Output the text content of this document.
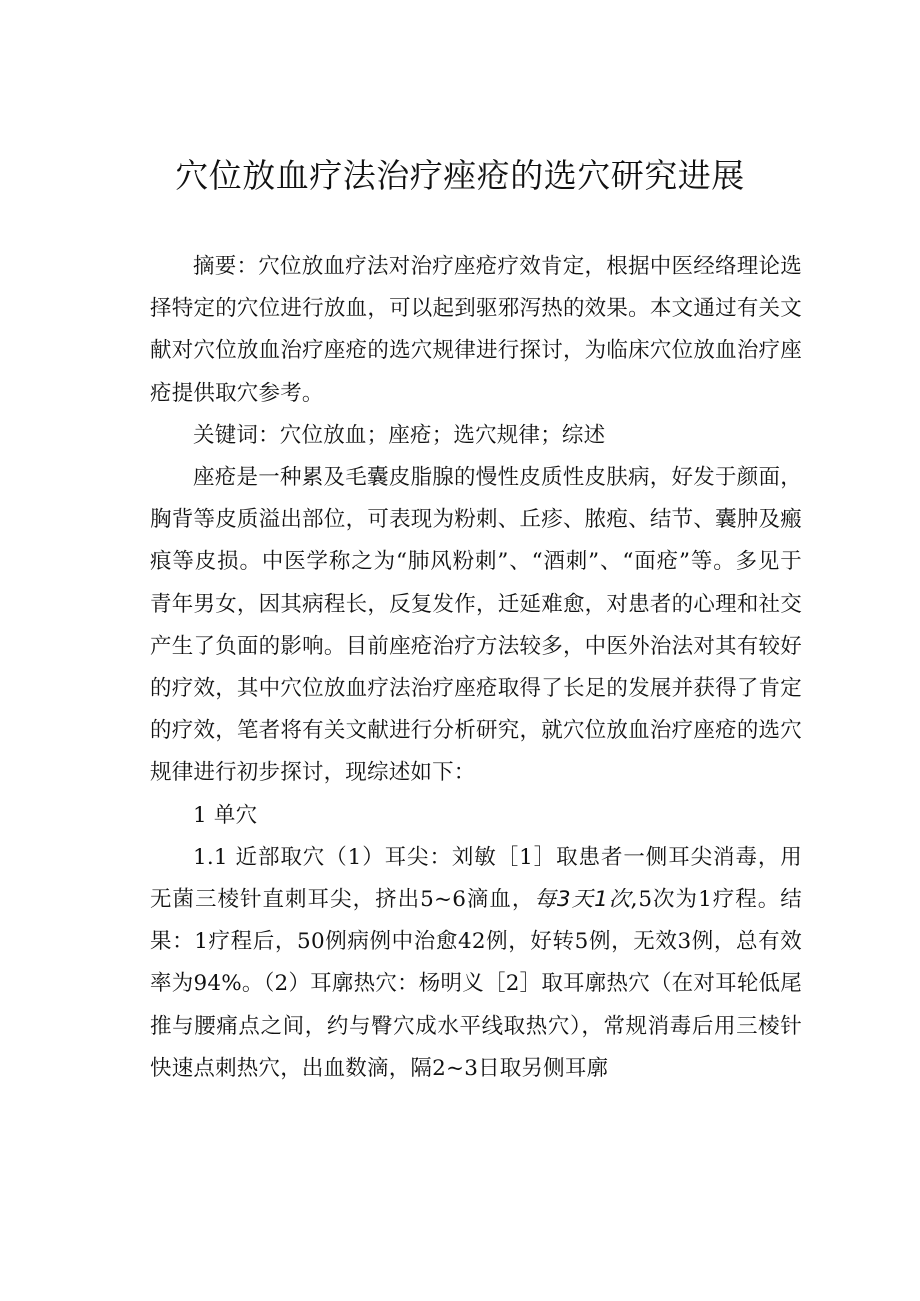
穴位放血疗法治疗痤疮的选穴研究进展

摘要：穴位放血疗法对治疗座疮疗效肯定，根据中医经络理论选择特定的穴位进行放血，可以起到驱邪泻热的效果。本文通过有关文献对穴位放血治疗座疮的选穴规律进行探讨，为临床穴位放血治疗座疮提供取穴参考。

关键词：穴位放血；座疮；选穴规律；综述

座疮是一种累及毛囊皮脂腺的慢性皮质性皮肤病，好发于颜面，胸背等皮质溢出部位，可表现为粉刺、丘疹、脓疱、结节、囊肿及瘢痕等皮损。中医学称之为“肺风粉刺”、“酒刺”、“面疮”等。多见于青年男女，因其病程长，反复发作，迁延难愈，对患者的心理和社交产生了负面的影响。目前座疮治疗方法较多，中医外治法对其有较好的疗效，其中穴位放血疗法治疗座疮取得了长足的发展并获得了肯定的疗效，笔者将有关文献进行分析研究，就穴位放血治疗座疮的选穴规律进行初步探讨，现综述如下：

1 单穴

1.1 近部取穴（1）耳尖：刘敏［1］取患者一侧耳尖消毒，用无菌三棱针直刺耳尖，挤出5~6滴血，每3天1次,5次为1疗程。结果：1疗程后，50例病例中治愈42例，好转5例，无效3例，总有效率为94%。（2）耳廓热穴：杨明义［2］取耳廓热穴（在对耳轮低尾推与腰痛点之间，约与臀穴成水平线取热穴），常规消毒后用三棱针快速点刺热穴，出血数滴，隔2~3日取另侧耳廓
